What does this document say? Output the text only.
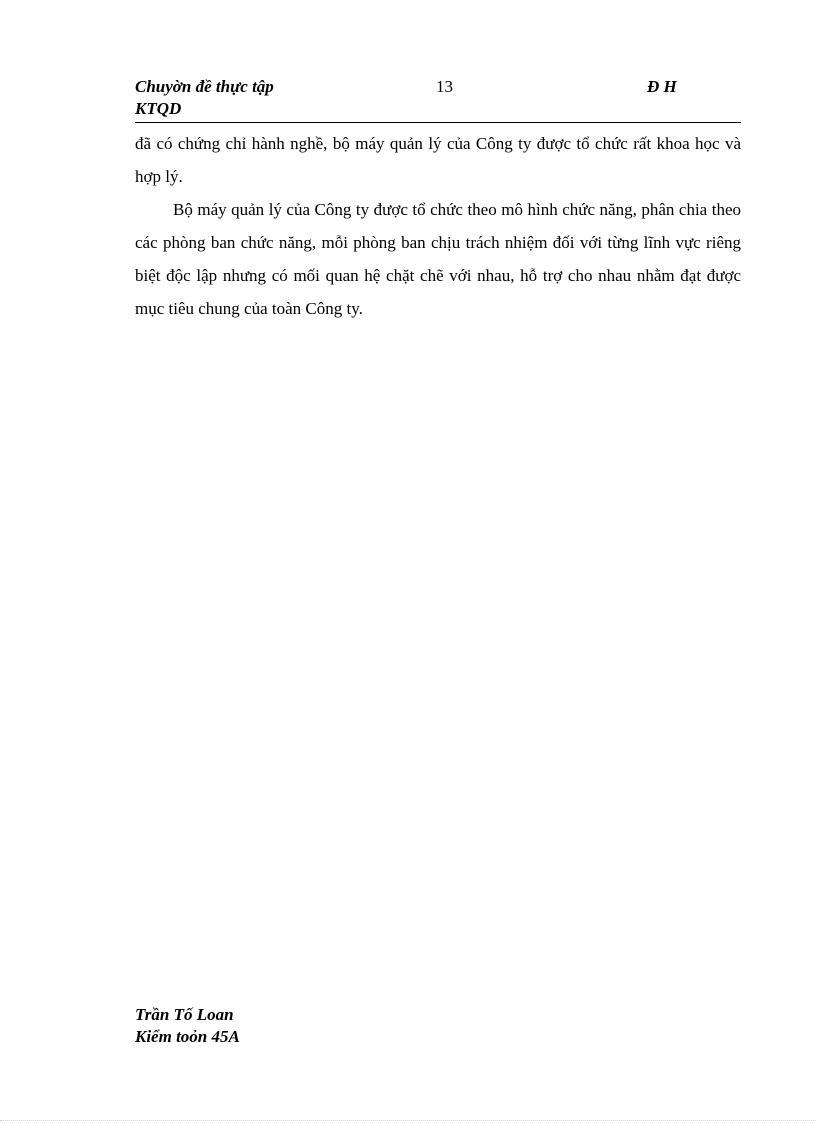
Chuyờn đề thực tập
KTQD
13	Đ H

đã có chứng chỉ hành nghề, bộ máy quản lý của Công ty được tổ chức rất khoa học và hợp lý.

Bộ máy quản lý của Công ty được tổ chức theo mô hình chức năng, phân chia theo các phòng ban chức năng, mỗi phòng ban chịu trách nhiệm đối với từng lĩnh vực riêng biệt độc lập nhưng có mối quan hệ chặt chẽ với nhau, hỗ trợ cho nhau nhằm đạt được mục tiêu chung của toàn Công ty.

Trần Tố Loan
Kiểm toỏn 45A
